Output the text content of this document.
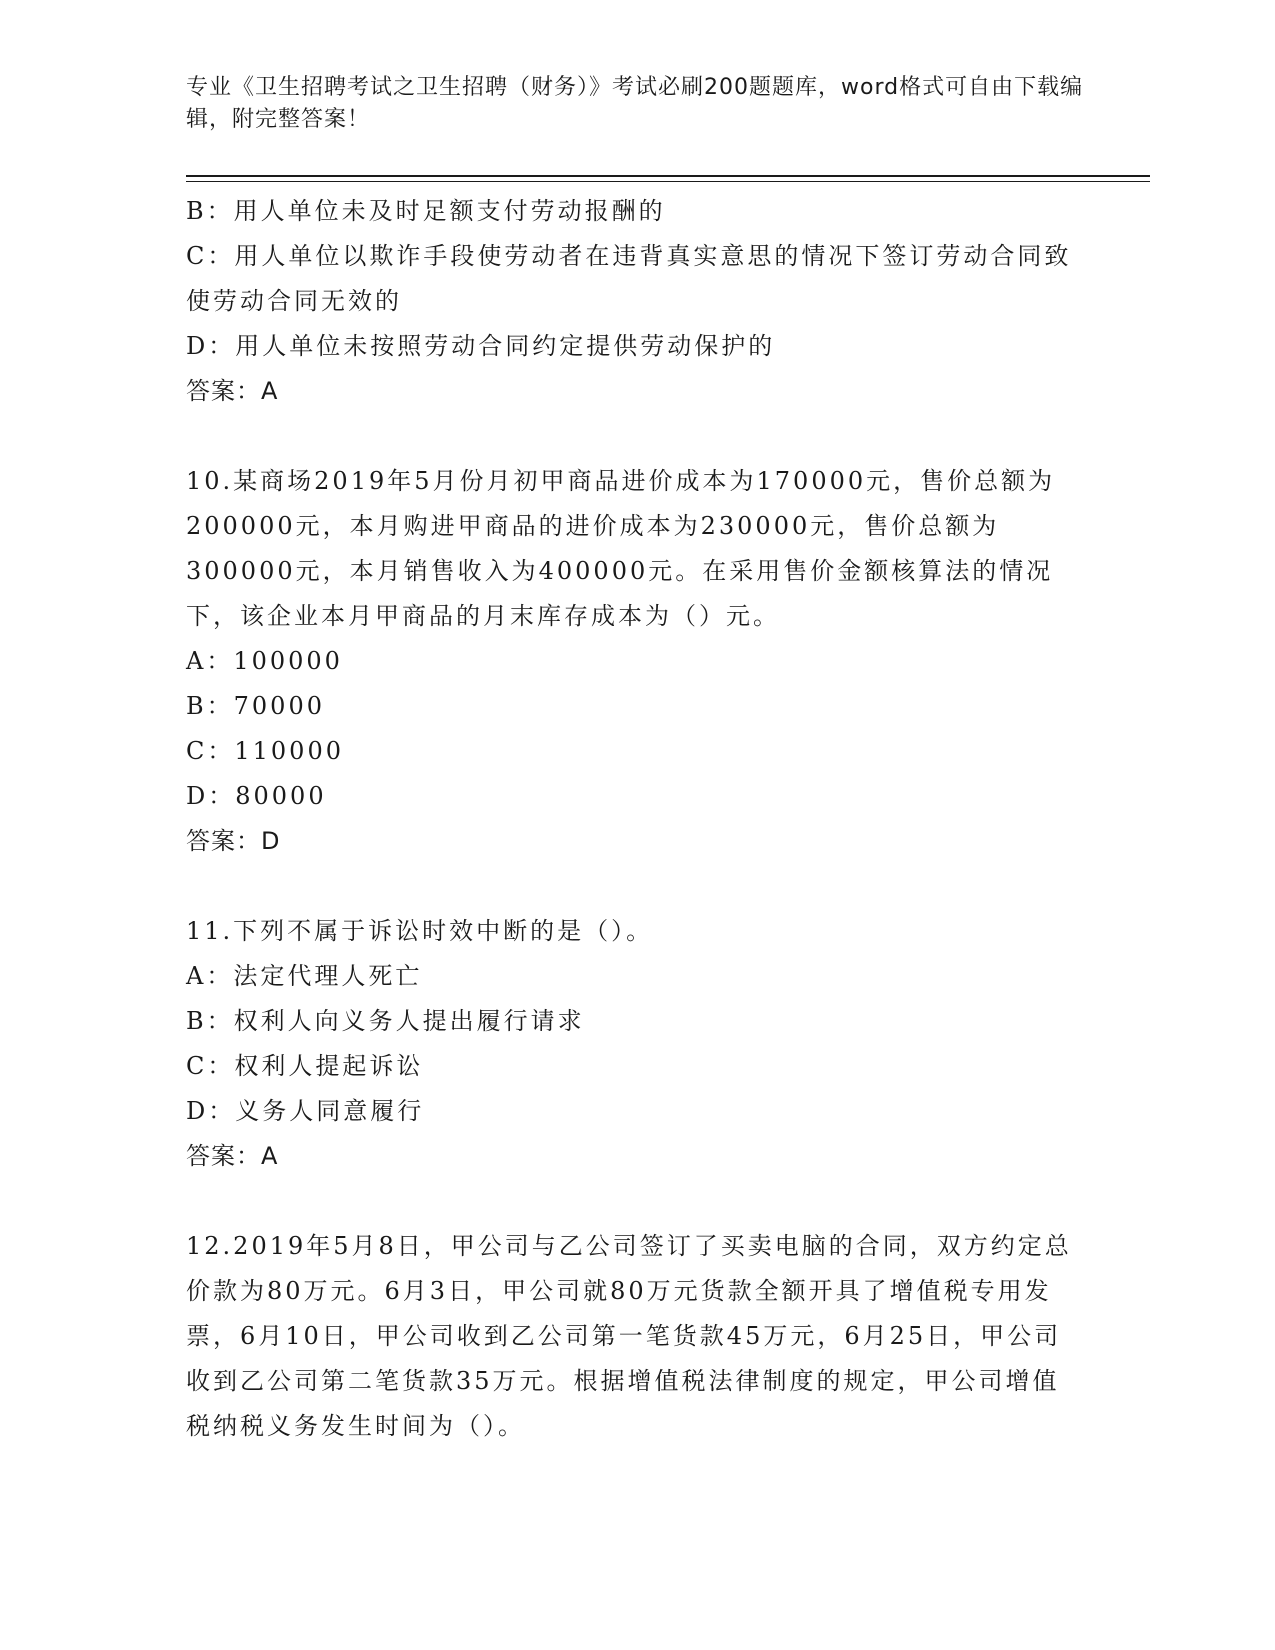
专业《卫生招聘考试之卫生招聘（财务）》考试必刷200题题库，word格式可自由下载编辑，附完整答案！
B：用人单位未及时足额支付劳动报酬的
C：用人单位以欺诈手段使劳动者在违背真实意思的情况下签订劳动合同致使劳动合同无效的
D：用人单位未按照劳动合同约定提供劳动保护的
答案：A
10.某商场2019年5月份月初甲商品进价成本为170000元，售价总额为200000元，本月购进甲商品的进价成本为230000元，售价总额为300000元，本月销售收入为400000元。在采用售价金额核算法的情况下，该企业本月甲商品的月末库存成本为（）元。
A：100000
B：70000
C：110000
D：80000
答案：D
11.下列不属于诉讼时效中断的是（）。
A：法定代理人死亡
B：权利人向义务人提出履行请求
C：权利人提起诉讼
D：义务人同意履行
答案：A
12.2019年5月8日，甲公司与乙公司签订了买卖电脑的合同，双方约定总价款为80万元。6月3日，甲公司就80万元货款全额开具了增值税专用发票，6月10日，甲公司收到乙公司第一笔货款45万元，6月25日，甲公司收到乙公司第二笔货款35万元。根据增值税法律制度的规定，甲公司增值税纳税义务发生时间为（）。
